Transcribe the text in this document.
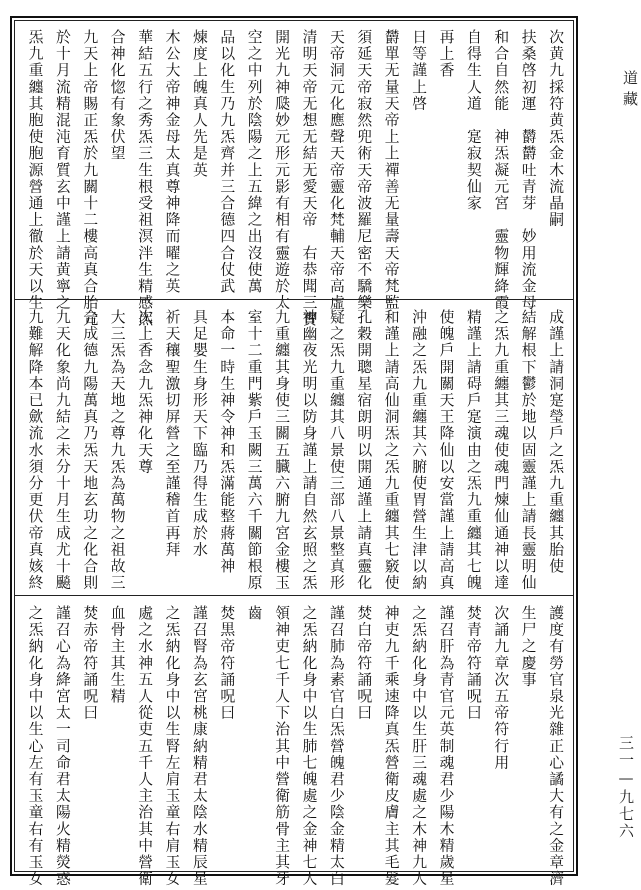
次黄九採符黄炁金木流晶嗣
扶桑啓初運　欝欝吐青芽　妙用流金母
和合自然能　神炁凝元宮　靈物輝絳霞
自得生人道　寔寂契仙家
再上香
日等謹上啓
欝單无量天帝上上禪善无量壽天帝梵監
須延天帝寂然兜術天帝波羅尼密不驕樂
天帝洞元化應聲天帝靈化梵輔天帝高虛
清明天帝无想无結无愛天帝　右恭聞三寳
開光九神瓞妙元形元影有相有靈遊於太
空之中列於陰陽之上五緯之出沒使萬
品以化生乃九炁齊并三合德四合仗武
煉度上魄真人先是英
木公大帝神金母太真尊神降而曜之英
華結五行之秀炁三生根受祖溟泮生精感炁
合神化惚有象伏望
九天上帝賜正炁於九關十二樓高真合胎元
於十月流精混沌育質玄中謹上請黄寧之
炁九重纏其胞使胞源營通上徹於天以生
成謹上請洞寔瑩戶之炁九重纏其胎使
結解根下鬱於地以固靈謹上請長靈明仙
之炁九重纏其三魂使魂門煉仙通神以達
精謹上請碍戶寔演由之炁九重纏其七魄
使魄戶開關天王降仙以安當謹上請高真
沖融之炁九重纏其六腑使胃營生津以納
和謹上請高仙洞炁之炁九重纏其七竅使
孔穀開聰星宿朗明以開通謹上請真靈化
疑之炁九重纏其八景使三部八景整真形
神幽夜光明以防身謹上請自然玄照之炁
九重纏其身使三關五臓六腑九宮金樓玉
室十二重門紫戶玉闕三萬六千關節根原
本命一時生神令神和炁滿能整蔣萬神
具足嬰生身形天下臨乃得生成於水
祈天穰聖激切屏營之至謹稽首再拜
次上香念九炁神化天尊
大三炁為天地之尊九炁為萬物之祖故三
合成德九陽萬真乃炁天地玄功之化合則
九天化象尚九結之未分十月生成尤十飈
九難解降本已歛流水須分更伏帝真姟終
護度有勞官泉光雜正心譎大有之金章濟
生尸之慶事
次誦九章次五帝符行用
焚青帝符誦呪曰
謹召肝為青官元英制魂君少陽木精歲星
之炁納化身中以生肝三魂處之木神九人
神吏九千乘速降真炁營衛皮膚主其毛髮
焚白帝符誦呪曰
謹召肺為素官白炁營魄君少陰金精太白
之炁納化身中以生肺七魄處之金神七人
領神吏七千人下治其中營衛筋骨主其牙
齒
焚黒帝符誦呪曰
謹召腎為玄宮桃康納精君太陰水精辰星
之炁納化身中以生腎左肩玉童右肩玉女
處之水神五人從吏五千人主治其中營衛
血骨主其生精
焚赤帝符誦呪曰
謹召心為絳宮太一司命君太陽火精熒惑
之炁納化身中以生心左有玉童右有玉女
道藏
三一—九七六
